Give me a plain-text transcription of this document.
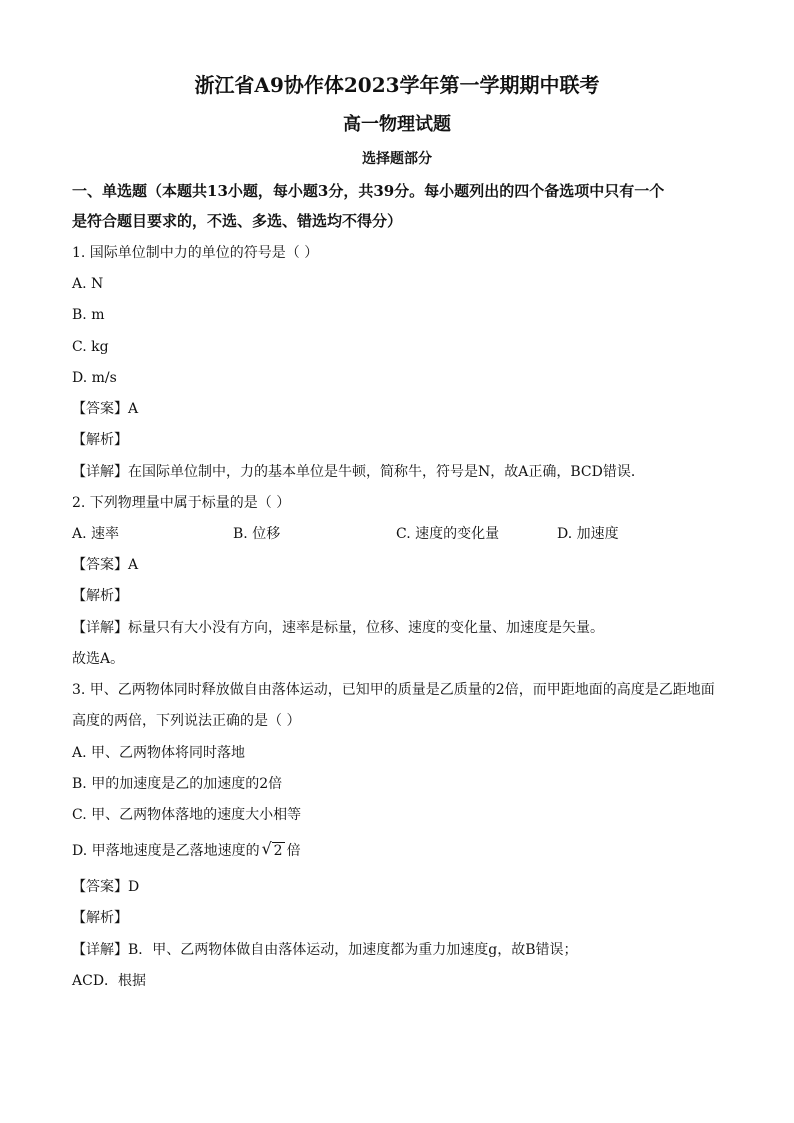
浙江省A9协作体2023学年第一学期期中联考
高一物理试题
选择题部分
一、单选题（本题共13小题，每小题3分，共39分。每小题列出的四个备选项中只有一个
是符合题目要求的，不选、多选、错选均不得分）
1. 国际单位制中力的单位的符号是（ ）
A. N
B. m
C. kg
D. m/s
【答案】A
【解析】
【详解】在国际单位制中，力的基本单位是牛顿，简称牛，符号是N，故A正确，BCD错误．
2. 下列物理量中属于标量的是（ ）
A. 速率	B. 位移	C. 速度的变化量	D. 加速度
【答案】A
【解析】
【详解】标量只有大小没有方向，速率是标量，位移、速度的变化量、加速度是矢量。
故选A。
3. 甲、乙两物体同时释放做自由落体运动，已知甲的质量是乙质量的2倍，而甲距地面的高度是乙距地面
高度的两倍，下列说法正确的是（ ）
A. 甲、乙两物体将同时落地
B. 甲的加速度是乙的加速度的2倍
C. 甲、乙两物体落地的速度大小相等
D. 甲落地速度是乙落地速度的 √ 2 倍
【答案】D
【解析】
【详解】B．甲、乙两物体做自由落体运动，加速度都为重力加速度g，故B错误；
ACD．根据
